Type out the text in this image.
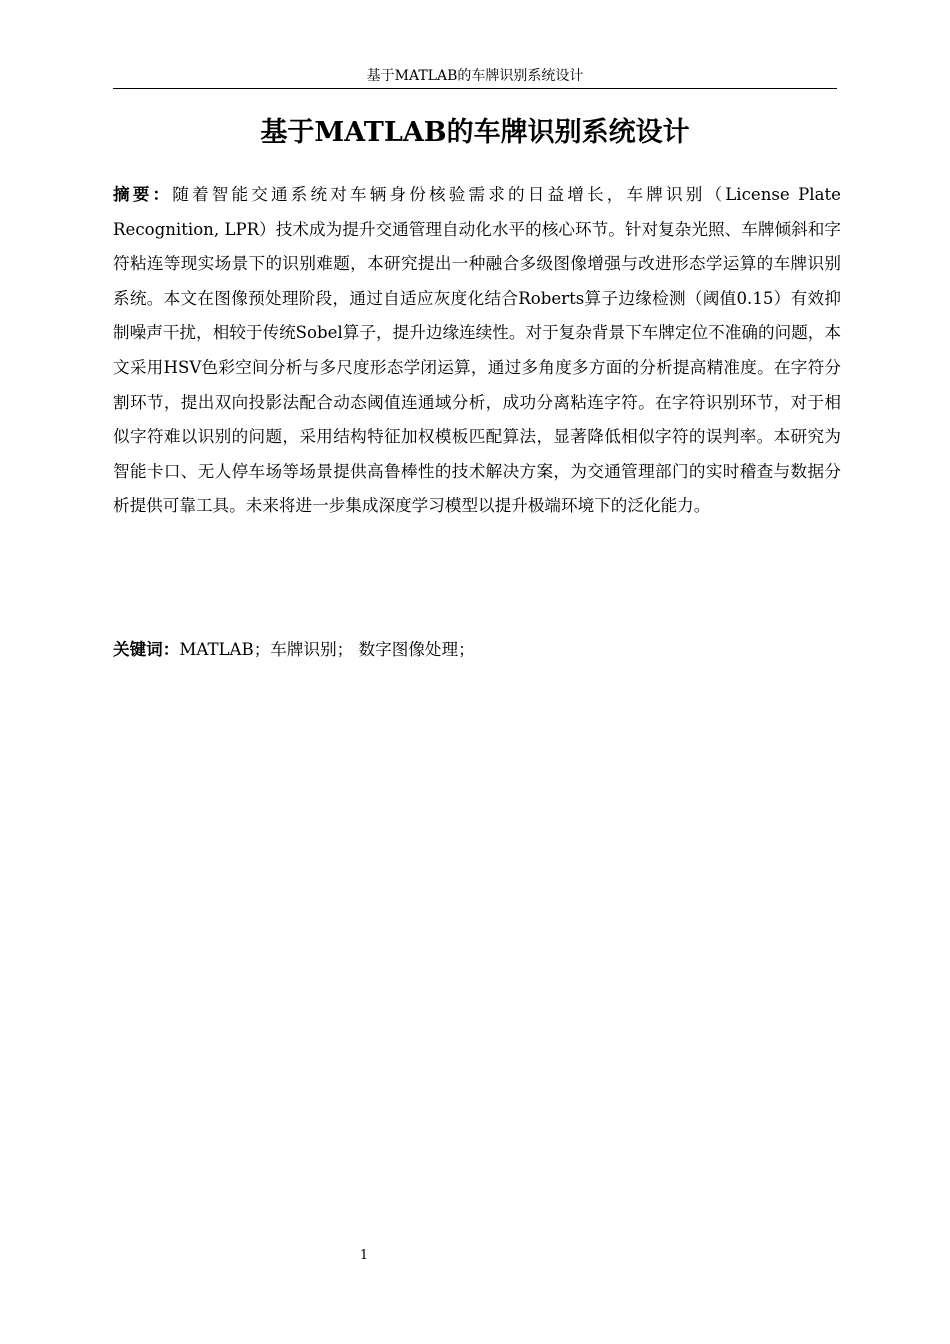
基于MATLAB的车牌识别系统设计
基于MATLAB的车牌识别系统设计

摘要：随着智能交通系统对车辆身份核验需求的日益增长，车牌识别（License Plate Recognition, LPR）技术成为提升交通管理自动化水平的核心环节。针对复杂光照、车牌倾斜和字符粘连等现实场景下的识别难题，本研究提出一种融合多级图像增强与改进形态学运算的车牌识别系统。本文在图像预处理阶段，通过自适应灰度化结合Roberts算子边缘检测（阈值0.15）有效抑制噪声干扰，相较于传统Sobel算子，提升边缘连续性。对于复杂背景下车牌定位不准确的问题，本文采用HSV色彩空间分析与多尺度形态学闭运算，通过多角度多方面的分析提高精准度。在字符分割环节，提出双向投影法配合动态阈值连通域分析，成功分离粘连字符。在字符识别环节，对于相似字符难以识别的问题，采用结构特征加权模板匹配算法，显著降低相似字符的误判率。本研究为智能卡口、无人停车场等场景提供高鲁棒性的技术解决方案，为交通管理部门的实时稽查与数据分析提供可靠工具。未来将进一步集成深度学习模型以提升极端环境下的泛化能力。

关键词：MATLAB；车牌识别； 数字图像处理；

1
